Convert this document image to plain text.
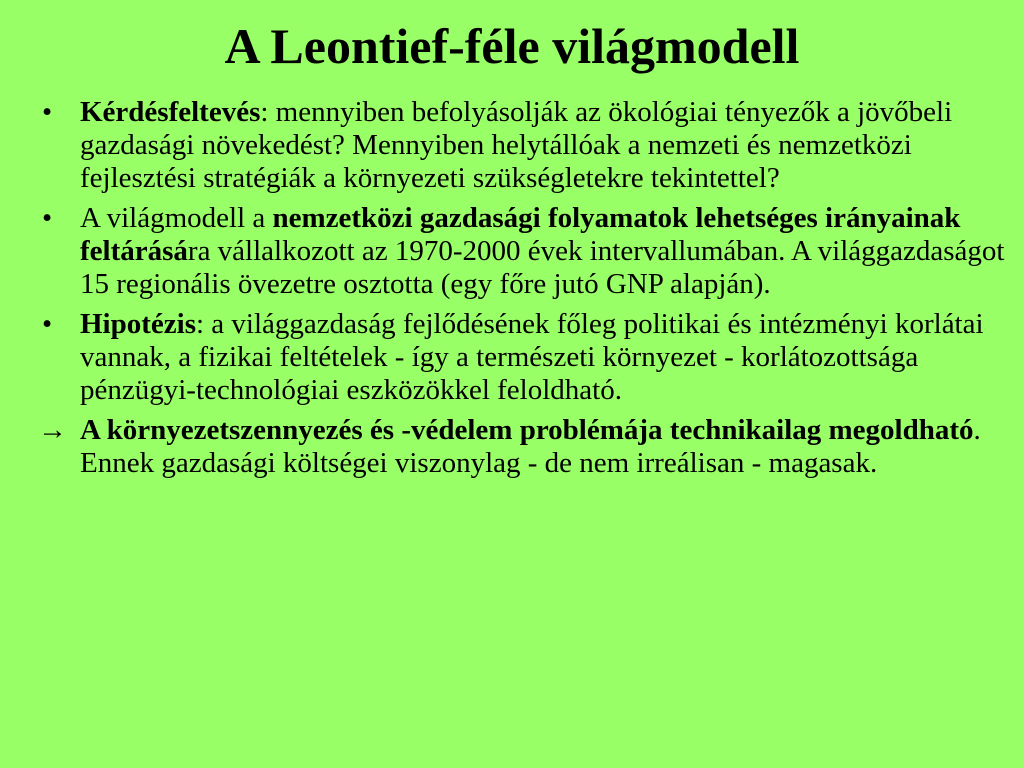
A Leontief-féle világmodell
• Kérdésfeltevés: mennyiben befolyásolják az ökológiai tényezők a jövőbeli gazdasági növekedést? Mennyiben helytállóak a nemzeti és nemzetközi fejlesztési stratégiák a környezeti szükségletekre tekintettel?
• A világmodell a nemzetközi gazdasági folyamatok lehetséges irányainak feltárására vállalkozott az 1970-2000 évek intervallumában. A világgazdaságot 15 regionális övezetre osztotta (egy főre jutó GNP alapján).
• Hipotézis: a világgazdaság fejlődésének főleg politikai és intézményi korlátai vannak, a fizikai feltételek - így a természeti környezet - korlátozottsága pénzügyi-technológiai eszközökkel feloldható.
→ A környezetszennyezés és -védelem problémája technikailag megoldható. Ennek gazdasági költségei viszonylag - de nem irreálisan - magasak.
